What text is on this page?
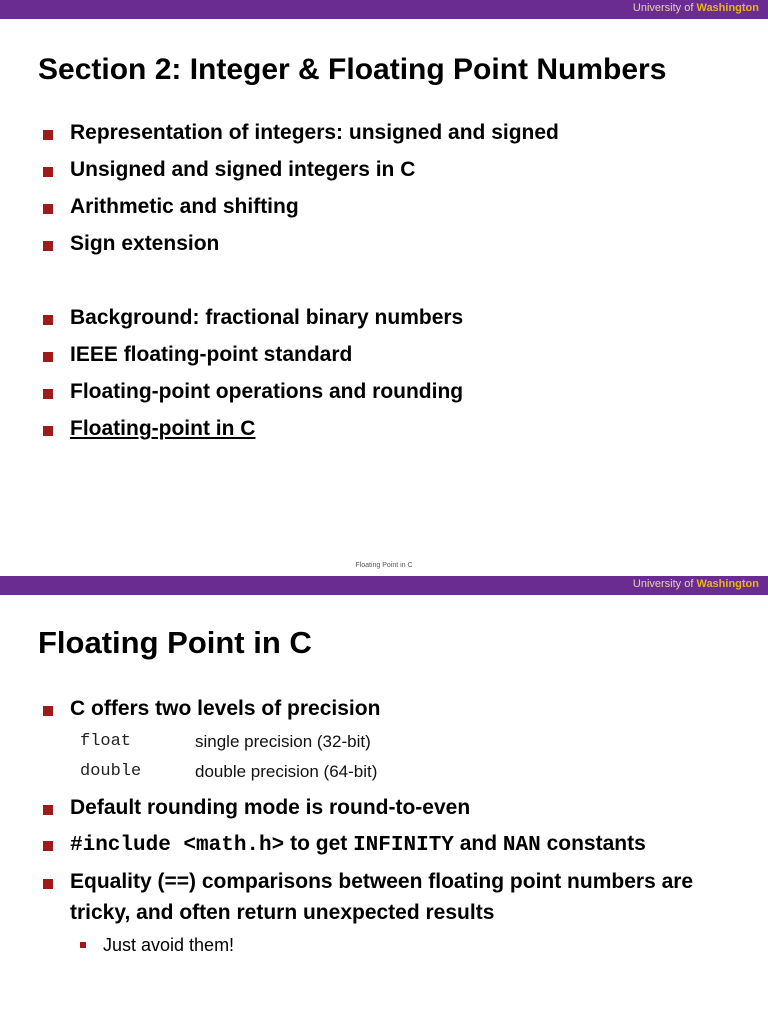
University of Washington
Section 2: Integer & Floating Point Numbers
Representation of integers: unsigned and signed
Unsigned and signed integers in C
Arithmetic and shifting
Sign extension
Background: fractional binary numbers
IEEE floating-point standard
Floating-point operations and rounding
Floating-point in C
Floating Point in C
University of Washington
Floating Point in C
C offers two levels of precision
float	single precision (32-bit)
double	double precision (64-bit)
Default rounding mode is round-to-even
#include <math.h> to get INFINITY and NAN constants
Equality (==) comparisons between floating point numbers are tricky, and often return unexpected results
Just avoid them!
